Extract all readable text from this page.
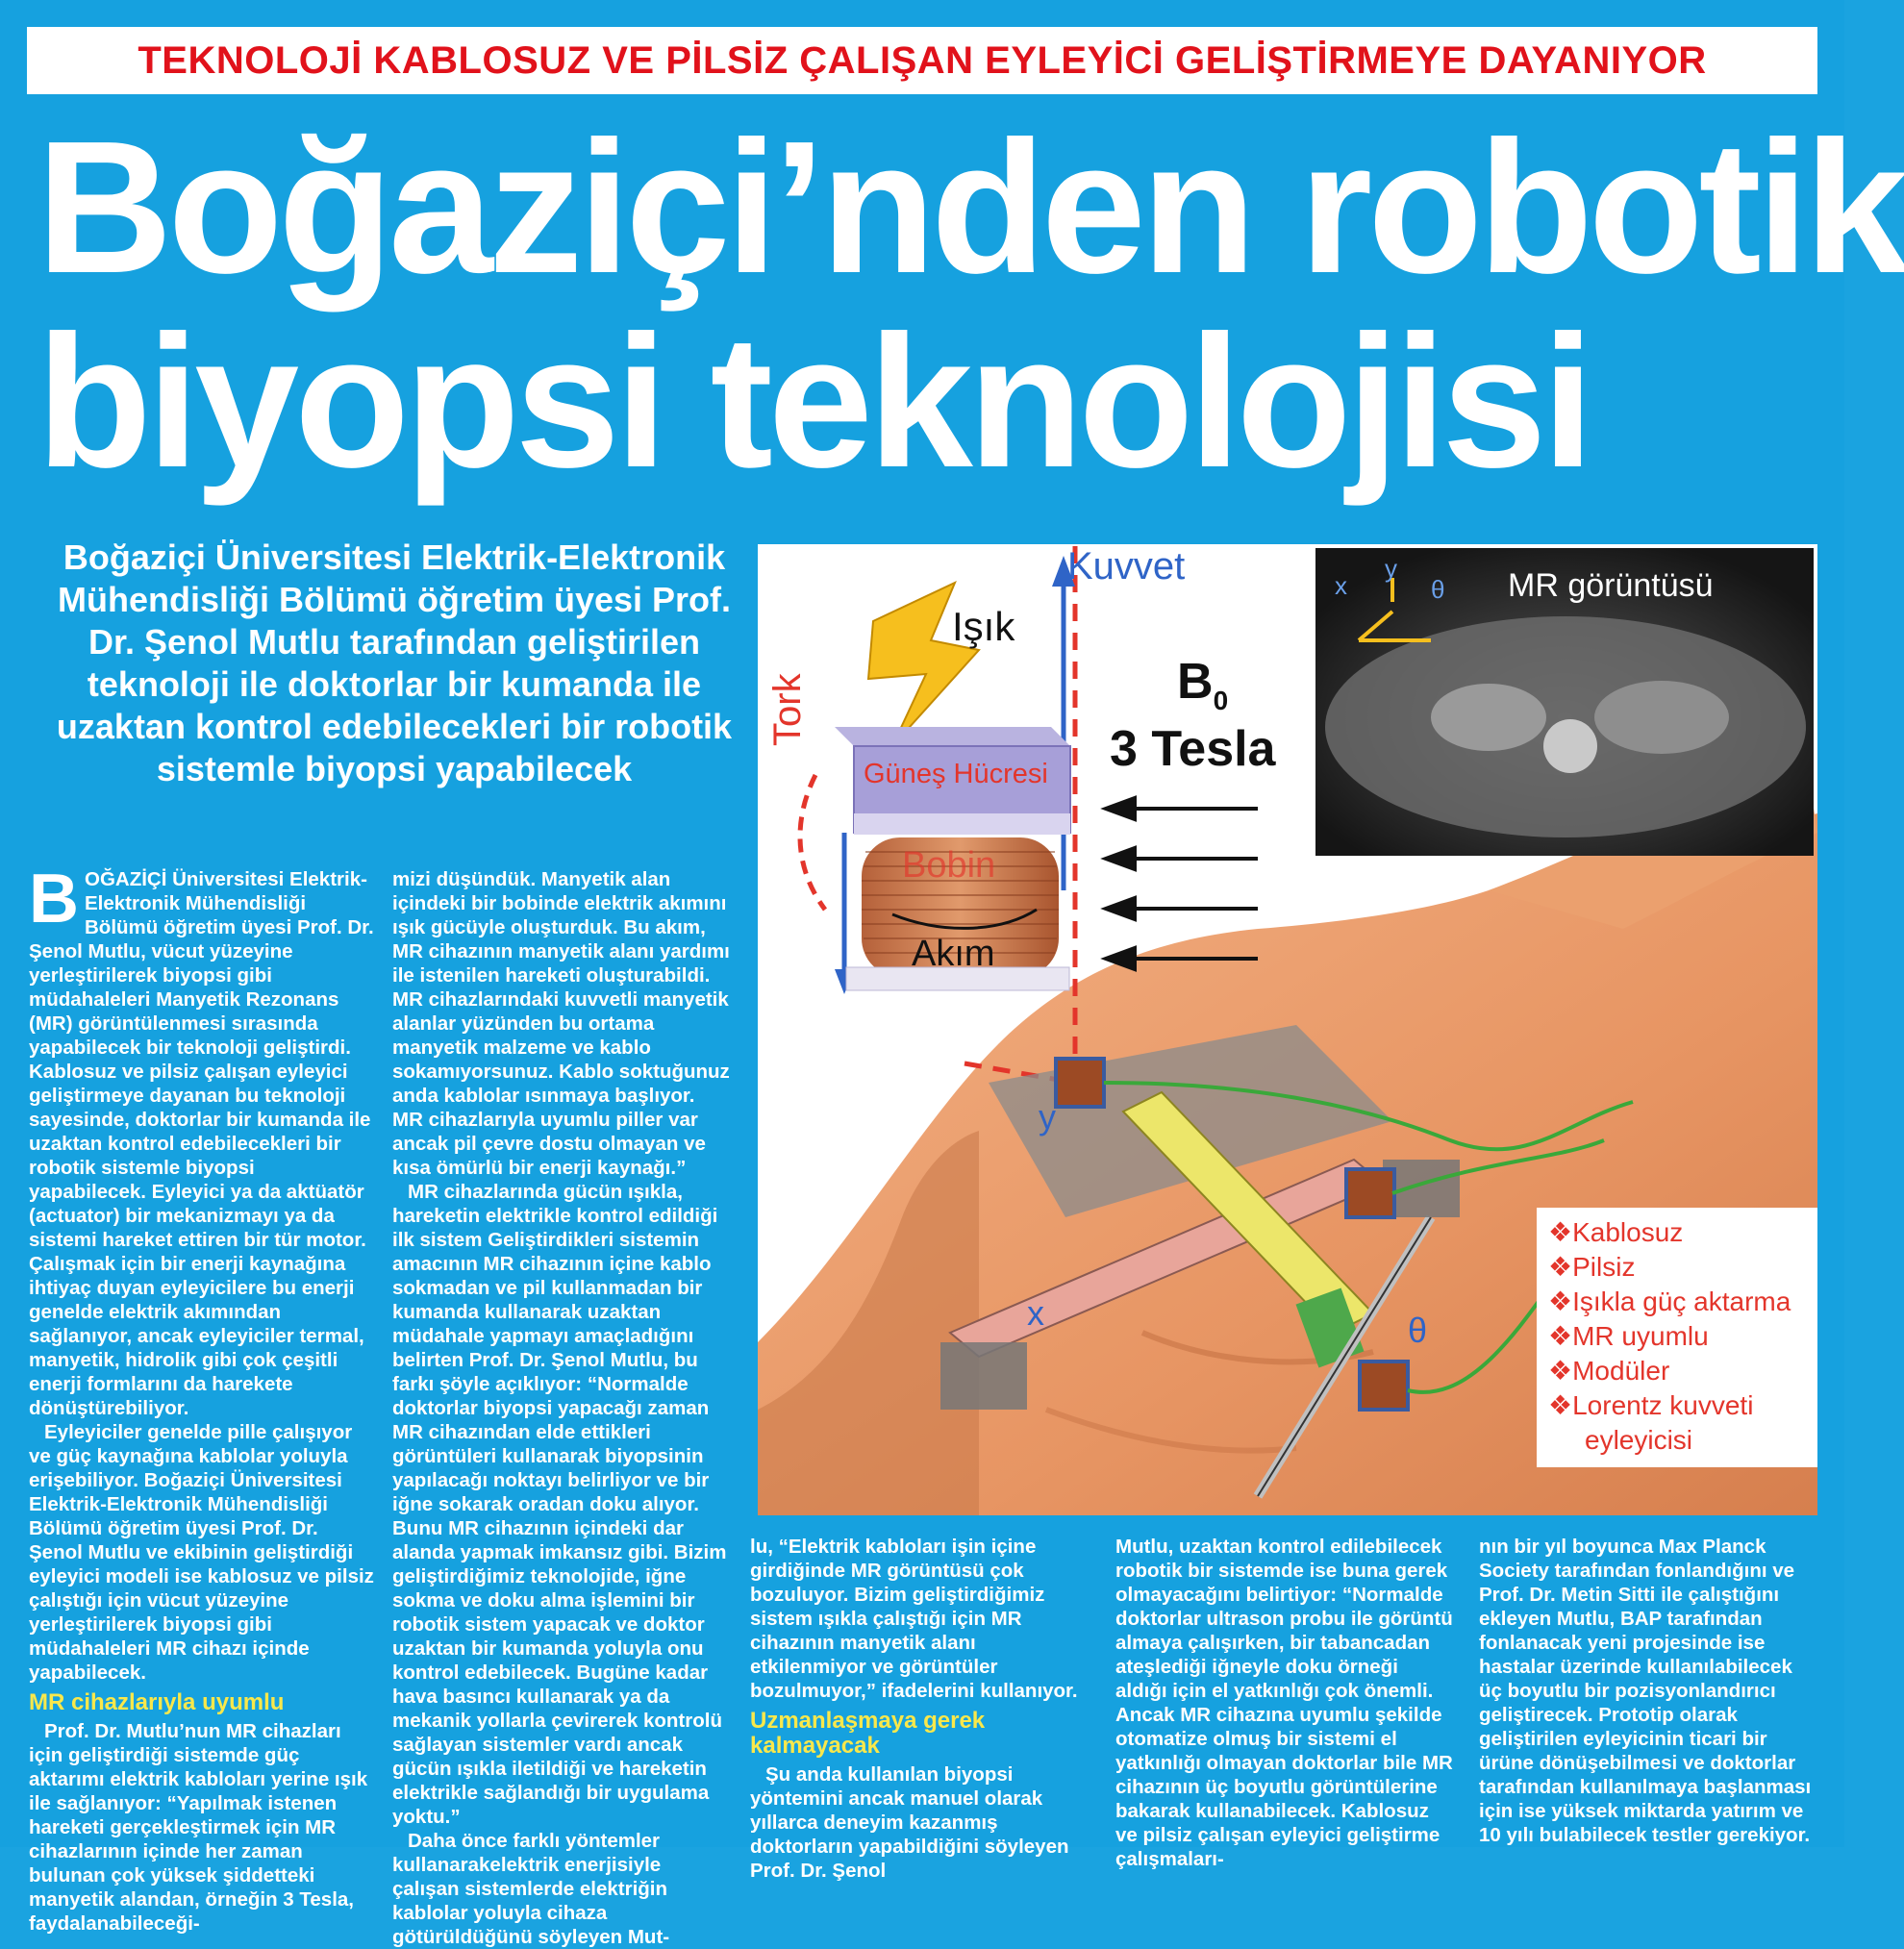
TEKNOLOJİ KABLOSUZ VE PİLSİZ ÇALIŞAN EYLEYİCİ GELİŞTİRMEYE DAYANIYOR
Boğaziçi’nden robotik
biyopsi teknolojisi
Boğaziçi Üniversitesi Elektrik-Elektronik Mühendisliği Bölümü öğretim üyesi Prof. Dr. Şenol Mutlu tarafından geliştirilen teknoloji ile doktorlar bir kumanda ile uzaktan kontrol edebilecekleri bir robotik sistemle biyopsi yapabilecek

BOĞAZİÇİ Üniversitesi Elektrik-Elektronik Mühendisliği Bölümü öğretim üyesi Prof. Dr. Şenol Mutlu, vücut yüzeyine yerleştirilerek biyopsi gibi müdahaleleri Manyetik Rezonans (MR) görüntülenmesi sırasında yapabilecek bir teknoloji geliştirdi. Kablosuz ve pilsiz çalışan eyleyici geliştirmeye dayanan bu teknoloji sayesinde, doktorlar bir kumanda ile uzaktan kontrol edebilecekleri bir robotik sistemle biyopsi yapabilecek. Eyleyici ya da aktüatör (actuator) bir mekanizmayı ya da sistemi hareket ettiren bir tür motor. Çalışmak için bir enerji kaynağına ihtiyaç duyan eyleyicilere bu enerji genelde elektrik akımından sağlanıyor, ancak eyleyiciler termal, manyetik, hidrolik gibi çok çeşitli enerji formlarını da harekete dönüştürebiliyor.

Eyleyiciler genelde pille çalışıyor ve güç kaynağına kablolar yoluyla erişebiliyor. Boğaziçi Üniversitesi Elektrik-Elektronik Mühendisliği Bölümü öğretim üyesi Prof. Dr. Şenol Mutlu ve ekibinin geliştirdiği eyleyici modeli ise kablosuz ve pilsiz çalıştığı için vücut yüzeyine yerleştirilerek biyopsi gibi müdahaleleri MR cihazı içinde yapabilecek.

MR cihazlarıyla uyumlu

Prof. Dr. Mutlu’nun MR cihazları için geliştirdiği sistemde güç aktarımı elektrik kabloları yerine ışık ile sağlanıyor: “Yapılmak istenen hareketi gerçekleştirmek için MR cihazlarının içinde her zaman bulunan çok yüksek şiddetteki manyetik alandan, örneğin 3 Tesla, faydalanabileceği-

mizi düşündük. Manyetik alan içindeki bir bobinde elektrik akımını ışık gücüyle oluşturduk. Bu akım, MR cihazının manyetik alanı yardımı ile istenilen hareketi oluşturabildi. MR cihazlarındaki kuvvetli manyetik alanlar yüzünden bu ortama manyetik malzeme ve kablo sokamıyorsunuz. Kablo soktuğunuz anda kablolar ısınmaya başlıyor. MR cihazlarıyla uyumlu piller var ancak pil çevre dostu olmayan ve kısa ömürlü bir enerji kaynağı.”

MR cihazlarında gücün ışıkla, hareketin elektrikle kontrol edildiği ilk sistem Geliştirdikleri sistemin amacının MR cihazının içine kablo sokmadan ve pil kullanmadan bir kumanda kullanarak uzaktan müdahale yapmayı amaçladığını belirten Prof. Dr. Şenol Mutlu, bu farkı şöyle açıklıyor: “Normalde doktorlar biyopsi yapacağı zaman MR cihazından elde ettikleri görüntüleri kullanarak biyopsinin yapılacağı noktayı belirliyor ve bir iğne sokarak oradan doku alıyor. Bunu MR cihazının içindeki dar alanda yapmak imkansız gibi. Bizim geliştirdiğimiz teknolojide, iğne sokma ve doku alma işlemini bir robotik sistem yapacak ve doktor uzaktan bir kumanda yoluyla onu kontrol edebilecek. Bugüne kadar hava basıncı kullanarak ya da mekanik yollarla çevirerek kontrolü sağlayan sistemler vardı ancak gücün ışıkla iletildiği ve hareketin elektrikle sağlandığı bir uygulama yoktu.”

Daha önce farklı yöntemler kullanarakelektrik enerjisiyle çalışan sistemlerde elektriğin kablolar yoluyla cihaza götürüldüğünü söyleyen Mut-

lu, “Elektrik kabloları işin içine girdiğinde MR görüntüsü çok bozuluyor. Bizim geliştirdiğimiz sistem ışıkla çalıştığı için MR cihazının manyetik alanı etkilenmiyor ve görüntüler bozulmuyor,” ifadelerini kullanıyor.

Uzmanlaşmaya gerek kalmayacak

Şu anda kullanılan biyopsi yöntemini ancak manuel olarak yıllarca deneyim kazanmış doktorların yapabildiğini söyleyen Prof. Dr. Şenol

Mutlu, uzaktan kontrol edilebilecek robotik bir sistemde ise buna gerek olmayacağını belirtiyor: “Normalde doktorlar ultrason probu ile görüntü almaya çalışırken, bir tabancadan ateşlediği iğneyle doku örneği aldığı için el yatkınlığı çok önemli. Ancak MR cihazına uyumlu şekilde otomatize olmuş bir sistemi el yatkınlığı olmayan doktorlar bile MR cihazının üç boyutlu görüntülerine bakarak kullanabilecek. Kablosuz ve pilsiz çalışan eyleyici geliştirme çalışmaları-

nın bir yıl boyunca Max Planck Society tarafından fonlandığını ve Prof. Dr. Metin Sitti ile çalıştığını ekleyen Mutlu, BAP tarafından fonlanacak yeni projesinde ise hastalar üzerinde kullanılabilecek üç boyutlu bir pozisyonlandırıcı geliştirecek. Prototip olarak geliştirilen eyleyicinin ticari bir ürüne dönüşebilmesi ve doktorlar tarafından kullanılmaya başlanması için ise yüksek miktarda yatırım ve 10 yılı bulabilecek testler gerekiyor.

Kuvvet
Tork
Işık
Güneş Hücresi
Bobin
Akım
$B_0$
3 Tesla
MR görüntüsü
x
y
θ
y
x	θ
❖Kablosuz
❖Pilsiz
❖Işıkla güç aktarma
❖MR uyumlu
❖Modüler
❖Lorentz kuvveti
eyleyicisi
